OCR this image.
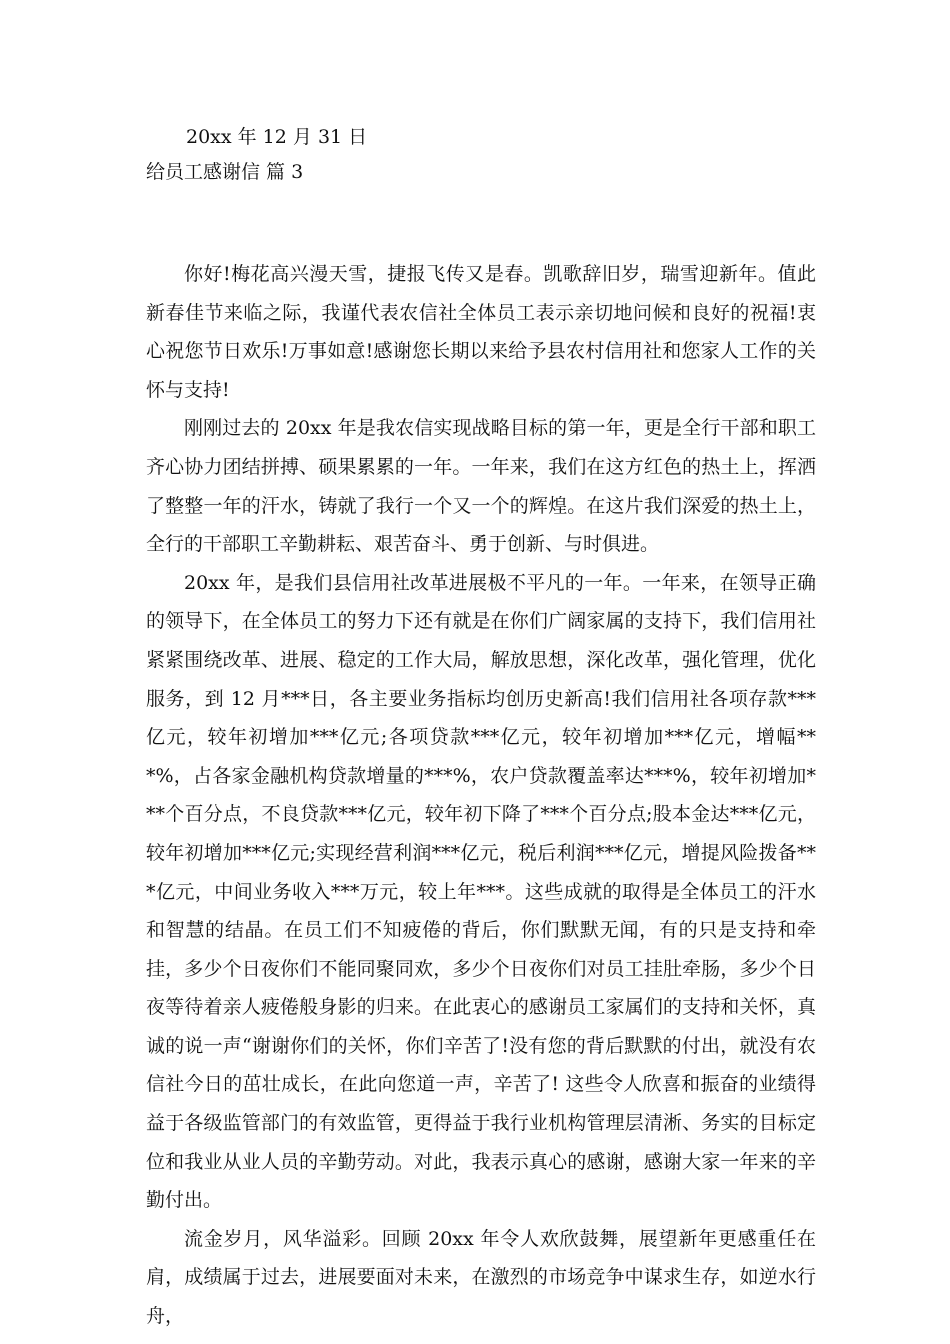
20xx 年 12 月 31 日
给员工感谢信 篇 3

你好!梅花高兴漫天雪，捷报飞传又是春。凯歌辞旧岁，瑞雪迎新年。值此新春佳节来临之际，我谨代表农信社全体员工表示亲切地问候和良好的祝福!衷心祝您节日欢乐!万事如意!感谢您长期以来给予县农村信用社和您家人工作的关怀与支持!

刚刚过去的 20xx 年是我农信实现战略目标的第一年，更是全行干部和职工齐心协力团结拼搏、硕果累累的一年。一年来，我们在这方红色的热土上，挥洒了整整一年的汗水，铸就了我行一个又一个的辉煌。在这片我们深爱的热土上，全行的干部职工辛勤耕耘、艰苦奋斗、勇于创新、与时俱进。

20xx 年，是我们县信用社改革进展极不平凡的一年。一年来，在领导正确的领导下，在全体员工的努力下还有就是在你们广阔家属的支持下，我们信用社紧紧围绕改革、进展、稳定的工作大局，解放思想，深化改革，强化管理，优化服务，到 12 月***日，各主要业务指标均创历史新高!我们信用社各项存款***亿元，较年初增加***亿元;各项贷款***亿元，较年初增加***亿元，增幅***%，占各家金融机构贷款增量的***%，农户贷款覆盖率达***%，较年初增加***个百分点，不良贷款***亿元，较年初下降了***个百分点;股本金达***亿元，较年初增加***亿元;实现经营利润***亿元，税后利润***亿元，增提风险拨备***亿元，中间业务收入***万元，较上年***。这些成就的取得是全体员工的汗水和智慧的结晶。在员工们不知疲倦的背后，你们默默无闻，有的只是支持和牵挂，多少个日夜你们不能同聚同欢，多少个日夜你们对员工挂肚牵肠，多少个日夜等待着亲人疲倦般身影的归来。在此衷心的感谢员工家属们的支持和关怀，真诚的说一声“谢谢你们的关怀，你们辛苦了!没有您的背后默默的付出，就没有农信社今日的茁壮成长，在此向您道一声，辛苦了! 这些令人欣喜和振奋的业绩得益于各级监管部门的有效监管，更得益于我行业机构管理层清淅、务实的目标定位和我业从业人员的辛勤劳动。对此，我表示真心的感谢，感谢大家一年来的辛勤付出。

流金岁月，风华溢彩。回顾 20xx 年令人欢欣鼓舞，展望新年更感重任在肩，成绩属于过去，进展要面对未来，在激烈的市场竞争中谋求生存，如逆水行舟，
